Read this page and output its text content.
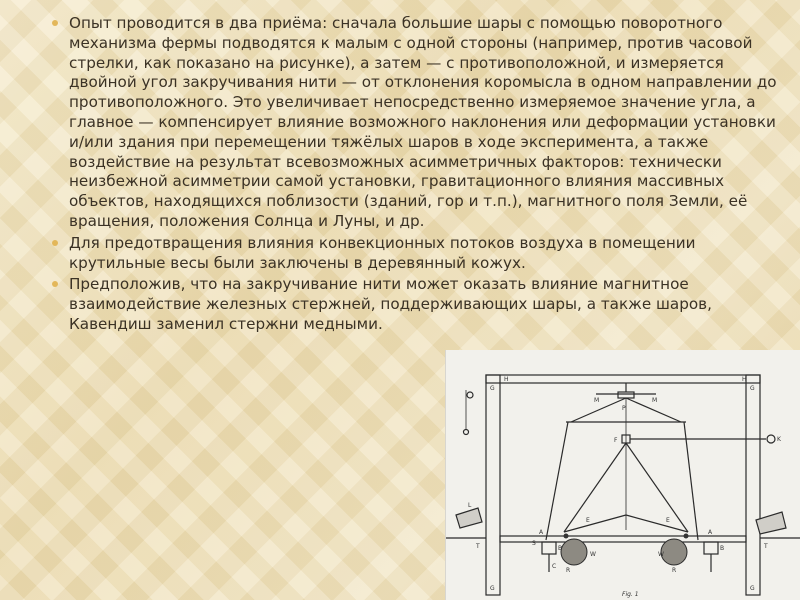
Опыт проводится в два приёма: сначала большие шары с помощью поворотного механизма фермы подводятся к малым с одной стороны (например, против часовой стрелки, как показано на рисунке), а затем — с противоположной, и измеряется двойной угол закручивания нити — от отклонения коромысла в одном направлении до противоположного. Это увеличивает непосредственно измеряемое значение угла, а главное — компенсирует влияние возможного наклонения или деформации установки и/или здания при перемещении тяжёлых шаров в ходе эксперимента, а также воздействие на результат всевозможных асимметричных факторов: технически неизбежной асимметрии самой установки, гравитационного влияния массивных объектов, находящихся поблизости (зданий, гор и т.п.), магнитного поля Земли, её вращения, положения Солнца и Луны, и др.

Для предотвращения влияния конвекционных потоков воздуха в помещении крутильные весы были заключены в деревянный кожух.

Предположив, что на закручивание нити может оказать влияние магнитное взаимодействие железных стержней, поддерживающих шары, а также шаров, Кавендиш заменил стержни медными.

G
H	H
G
M	M
P
F	K
L
E	E
A	A
S
B	B
W	W
R	R
C
T	T
G	G
Fig. 1
